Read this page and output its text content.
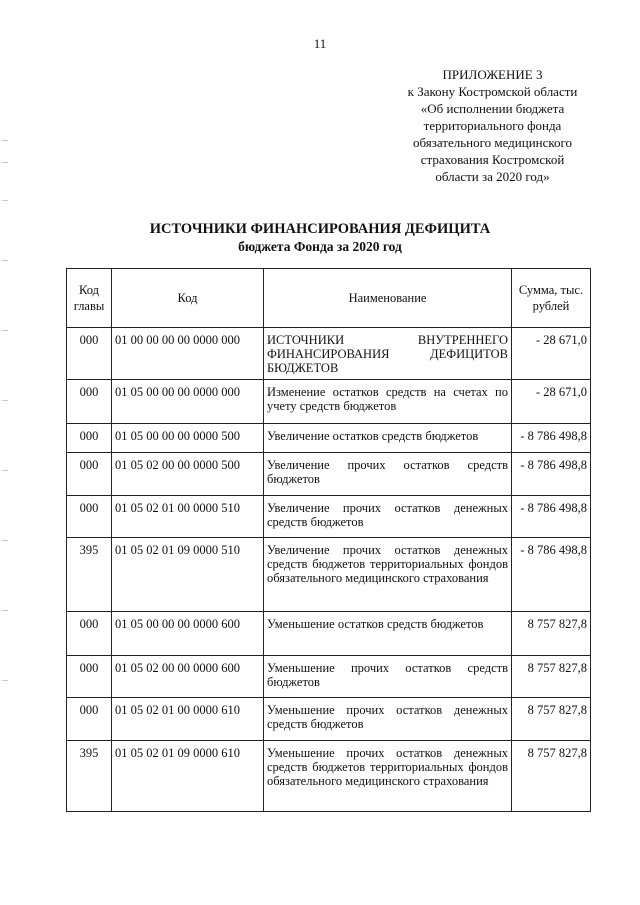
11
ПРИЛОЖЕНИЕ 3
к Закону Костромской области
«Об исполнении бюджета
территориального фонда
обязательного медицинского
страхования Костромской
области за 2020 год»
ИСТОЧНИКИ ФИНАНСИРОВАНИЯ ДЕФИЦИТА
бюджета Фонда за 2020 год
Код главы	Код	Наименование	Сумма, тыс. рублей
000	01 00 00 00 00 0000 000	ИСТОЧНИКИ ВНУТРЕННЕГО ФИНАНСИРОВАНИЯ ДЕФИЦИТОВ БЮДЖЕТОВ	- 28 671,0
000	01 05 00 00 00 0000 000	Изменение остатков средств на счетах по учету средств бюджетов	- 28 671,0
000	01 05 00 00 00 0000 500	Увеличение остатков средств бюджетов	- 8 786 498,8
000	01 05 02 00 00 0000 500	Увеличение прочих остатков средств бюджетов	- 8 786 498,8
000	01 05 02 01 00 0000 510	Увеличение прочих остатков денежных средств бюджетов	- 8 786 498,8
395	01 05 02 01 09 0000 510	Увеличение прочих остатков денежных средств бюджетов территориальных фондов обязательного медицинского страхования	- 8 786 498,8
000	01 05 00 00 00 0000 600	Уменьшение остатков средств бюджетов	8 757 827,8
000	01 05 02 00 00 0000 600	Уменьшение прочих остатков средств бюджетов	8 757 827,8
000	01 05 02 01 00 0000 610	Уменьшение прочих остатков денежных средств бюджетов	8 757 827,8
395	01 05 02 01 09 0000 610	Уменьшение прочих остатков денежных средств бюджетов территориальных фондов обязательного медицинского страхования	8 757 827,8
